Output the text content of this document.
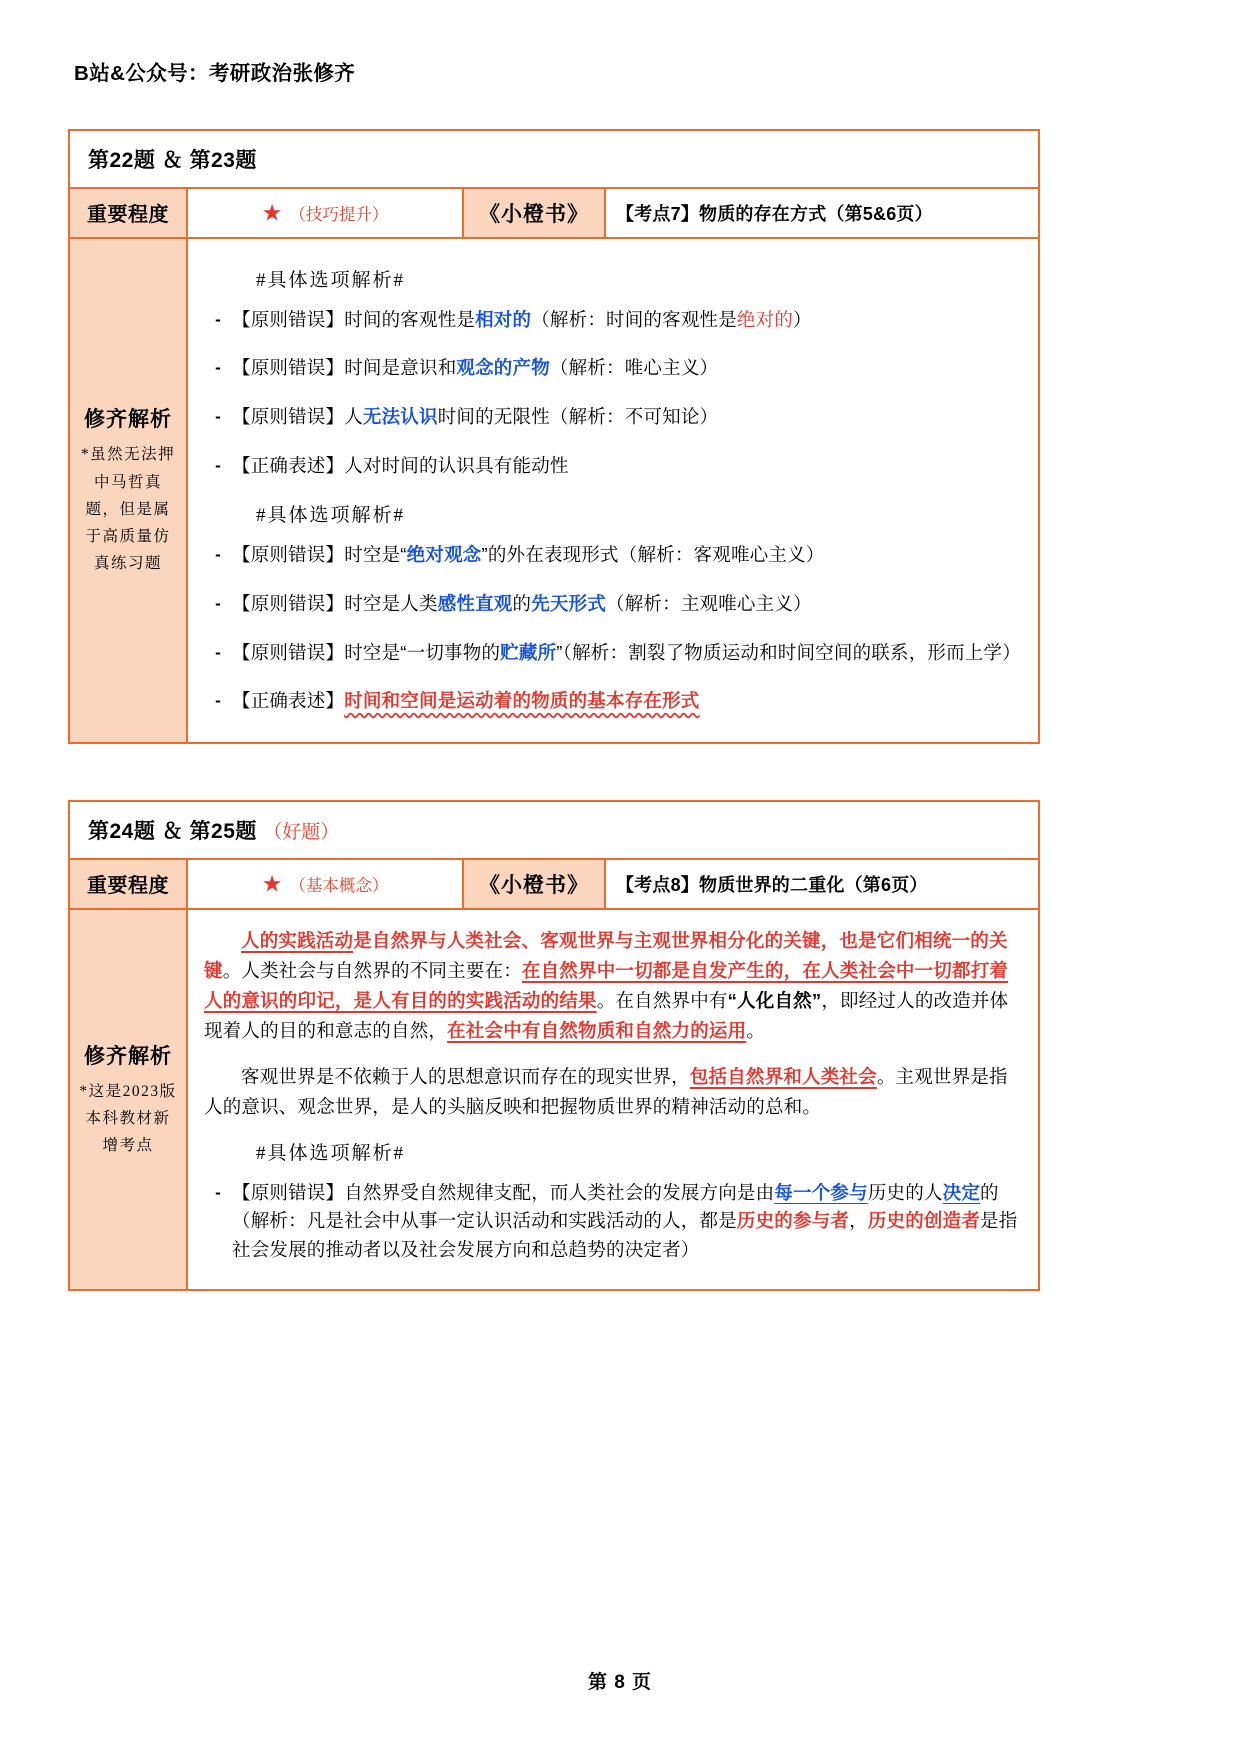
B站&公众号：考研政治张修齐
第22题 ＆ 第23题			
重要程度	★ （技巧提升）	《小橙书》	【考点7】物质的存在方式（第5&6页）

修齐解析
*虽然无法押中马哲真题，但是属于高质量仿真练习题

#具体选项解析#
- 【原则错误】时间的客观性是相对的（解析：时间的客观性是绝对的）
- 【原则错误】时间是意识和观念的产物（解析：唯心主义）
- 【原则错误】人无法认识时间的无限性（解析：不可知论）
- 【正确表述】人对时间的认识具有能动性
#具体选项解析#
- 【原则错误】时空是“绝对观念”的外在表现形式（解析：客观唯心主义）
- 【原则错误】时空是人类感性直观的先天形式（解析：主观唯心主义）
- 【原则错误】时空是“一切事物的贮藏所”（解析：割裂了物质运动和时间空间的联系，形而上学）
- 【正确表述】时间和空间是运动着的物质的基本存在形式
第24题 ＆ 第25题 （好题）			
重要程度	★ （基本概念）	《小橙书》	【考点8】物质世界的二重化（第6页）

修齐解析
*这是2023版本科教材新增考点

人的实践活动是自然界与人类社会、客观世界与主观世界相分化的关键，也是它们相统一的关键。人类社会与自然界的不同主要在：在自然界中一切都是自发产生的，在人类社会中一切都打着人的意识的印记，是人有目的的实践活动的结果。在自然界中有“人化自然”，即经过人的改造并体现着人的目的和意志的自然，在社会中有自然物质和自然力的运用。
客观世界是不依赖于人的思想意识而存在的现实世界，包括自然界和人类社会。主观世界是指人的意识、观念世界，是人的头脑反映和把握物质世界的精神活动的总和。
#具体选项解析#
- 【原则错误】自然界受自然规律支配，而人类社会的发展方向是由每一个参与历史的人决定的（解析：凡是社会中从事一定认识活动和实践活动的人，都是历史的参与者，历史的创造者是指社会发展的推动者以及社会发展方向和总趋势的决定者）
第 8 页
